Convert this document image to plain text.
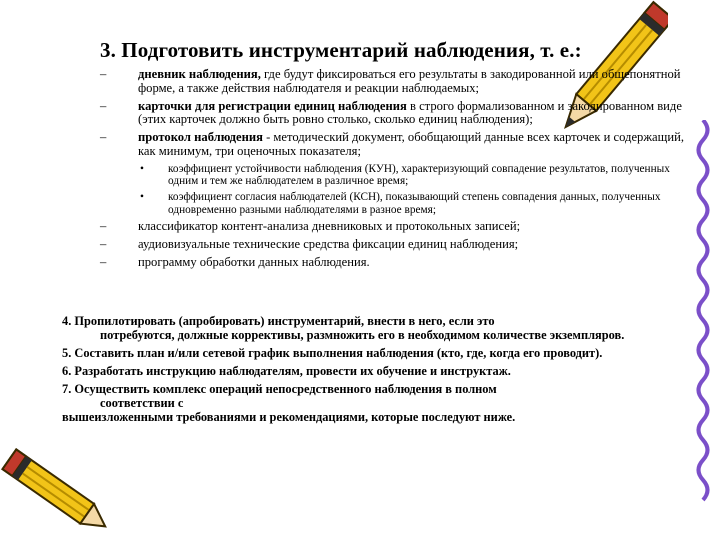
3. Подготовить инструментарий наблюдения, т. е.:
–	дневник наблюдения, где будут фиксироваться его результаты в закодированной или общепонятной форме, а также действия наблюдателя и реакции наблюдаемых;
–	карточки для регистрации единиц наблюдения в строго формализованном и закодированном виде (этих карточек должно быть ровно столько, сколько единиц наблюдения);
–	протокол наблюдения - методический документ, обобщающий данные всех карточек и содержащий, как минимум, три оценочных показателя;
• коэффициент устойчивости наблюдения (КУН), характеризующий совпадение результатов, полученных одним и тем же наблюдателем в различное время;
• коэффициент согласия наблюдателей (КСН), показывающий степень совпадения данных, полученных одновременно разными наблюдателями в разное время;
–	классификатор контент-анализа дневниковых и протокольных записей;
–	аудиовизуальные технические средства фиксации единиц наблюдения;
–	программу обработки данных наблюдения.
4. Пропилотировать (апробировать) инструментарий, внести в него, если это
потребуются, должные коррективы, размножить его в необходимом количестве экземпляров.
5. Составить план и/или сетевой график выполнения наблюдения (кто, где, когда его проводит).
6. Разработать инструкцию наблюдателям, провести их обучение и инструктаж.
7. Осуществить комплекс операций непосредственного наблюдения в полном
соответствии с
вышеизложенными требованиями и рекомендациями, которые последуют ниже.
